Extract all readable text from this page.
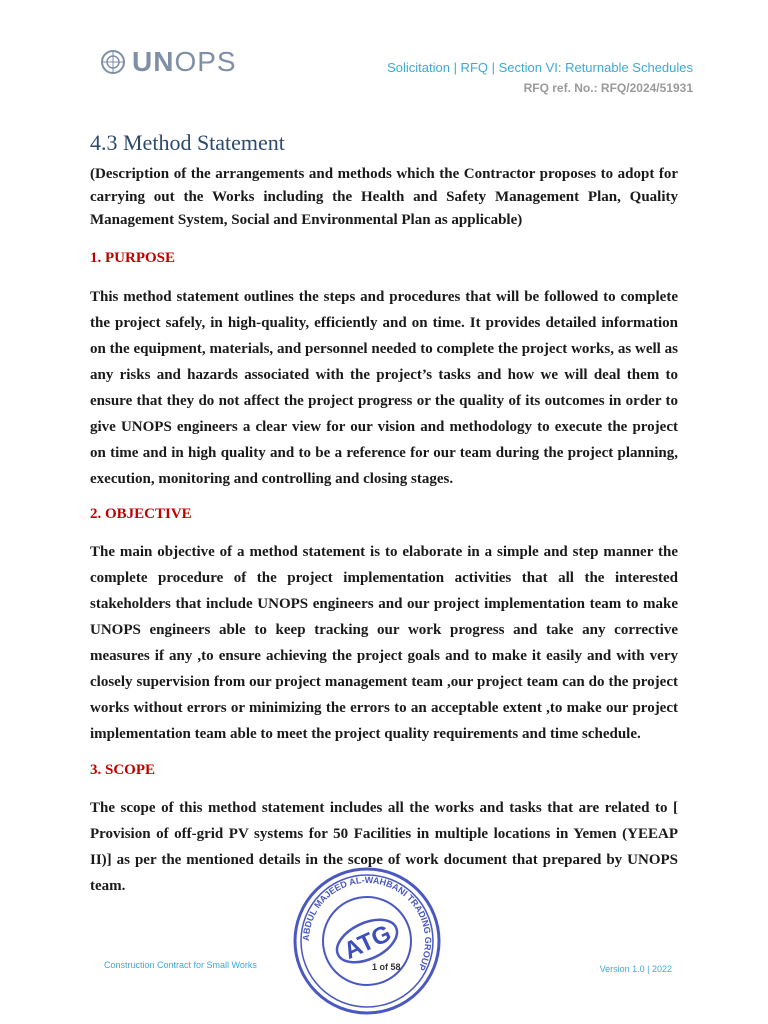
UNOPS	Solicitation | RFQ | Section VI: Returnable Schedules
RFQ ref. No.: RFQ/2024/51931
4.3 Method Statement
(Description of the arrangements and methods which the Contractor proposes to adopt for carrying out the Works including the Health and Safety Management Plan, Quality Management System, Social and Environmental Plan as applicable)
1. PURPOSE
This method statement outlines the steps and procedures that will be followed to complete the project safely, in high-quality, efficiently and on time. It provides detailed information on the equipment, materials, and personnel needed to complete the project works, as well as any risks and hazards associated with the project’s tasks and how we will deal them to ensure that they do not affect the project progress or the quality of its outcomes in order to give UNOPS engineers a clear view for our vision and methodology to execute the project on time and in high quality and to be a reference for our team during the project planning, execution, monitoring and controlling and closing stages.
2. OBJECTIVE
The main objective of a method statement is to elaborate in a simple and step manner the complete procedure of the project implementation activities that all the interested stakeholders that include UNOPS engineers and our project implementation team to make UNOPS engineers able to keep tracking our work progress and take any corrective measures if any ,to ensure achieving the project goals and to make it easily and with very closely supervision from our project management team ,our project team can do the project works without errors or minimizing the errors to an acceptable extent ,to make our project implementation team able to meet the project quality requirements and time schedule.
3. SCOPE
The scope of this method statement includes all the works and tasks that are related to [ Provision of off-grid PV systems for 50 Facilities in multiple locations in Yemen (YEEAP II)] as per the mentioned details in the scope of work document that prepared by UNOPS team.
ABDUL MAJEED AL-WAHBANI TRADING GROUP
ATG
Construction Contract for Small Works	1 of 58	Version 1.0 | 2022
